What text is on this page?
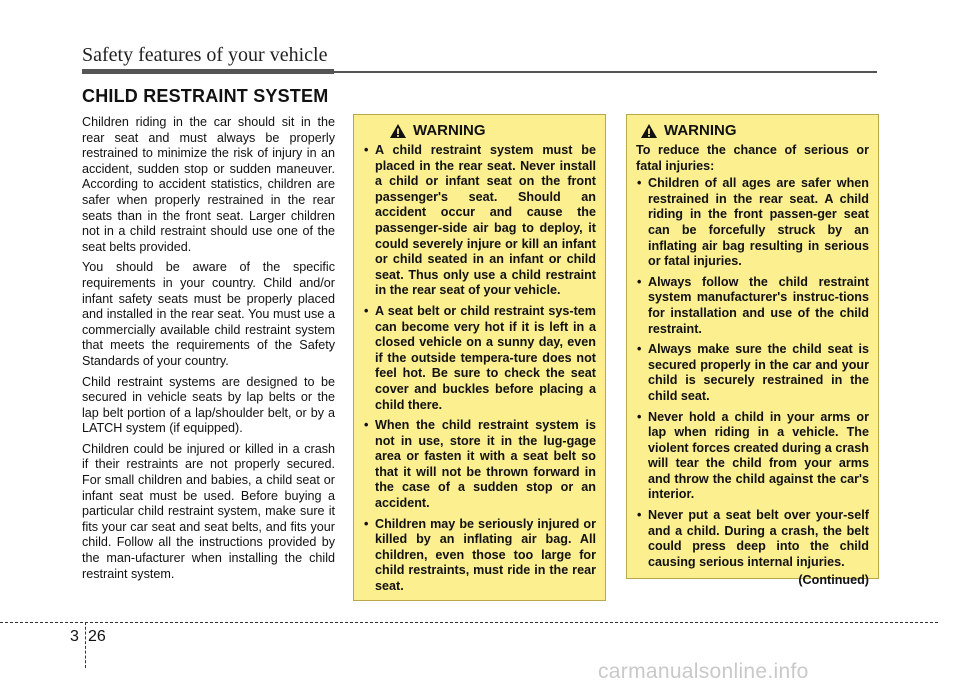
Safety features of your vehicle
CHILD RESTRAINT SYSTEM

Children riding in the car should sit in the rear seat and must always be properly restrained to minimize the risk of injury in an accident, sudden stop or sudden maneuver. According to accident statistics, children are safer when properly restrained in the rear seats than in the front seat. Larger children not in a child restraint should use one of the seat belts provided.

You should be aware of the specific requirements in your country. Child and/or infant safety seats must be properly placed and installed in the rear seat. You must use a commercially available child restraint system that meets the requirements of the Safety Standards of your country.

Child restraint systems are designed to be secured in vehicle seats by lap belts or the lap belt portion of a lap/shoulder belt, or by a LATCH system (if equipped).

Children could be injured or killed in a crash if their restraints are not properly secured. For small children and babies, a child seat or infant seat must be used. Before buying a particular child restraint system, make sure it fits your car seat and seat belts, and fits your child. Follow all the instructions provided by the man-ufacturer when installing the child restraint system.

WARNING
• A child restraint system must be placed in the rear seat. Never install a child or infant seat on the front passenger's seat. Should an accident occur and cause the passenger-side air bag to deploy, it could severely injure or kill an infant or child seated in an infant or child seat. Thus only use a child restraint in the rear seat of your vehicle.
• A seat belt or child restraint sys-tem can become very hot if it is left in a closed vehicle on a sunny day, even if the outside tempera-ture does not feel hot. Be sure to check the seat cover and buckles before placing a child there.
• When the child restraint system is not in use, store it in the lug-gage area or fasten it with a seat belt so that it will not be thrown forward in the case of a sudden stop or an accident.
• Children may be seriously injured or killed by an inflating air bag. All children, even those too large for child restraints, must ride in the rear seat.
WARNING

To reduce the chance of serious or fatal injuries:

• Children of all ages are safer when restrained in the rear seat. A child riding in the front passen-ger seat can be forcefully struck by an inflating air bag resulting in serious or fatal injuries.
• Always follow the child restraint system manufacturer's instruc-tions for installation and use of the child restraint.
• Always make sure the child seat is secured properly in the car and your child is securely restrained in the child seat.
• Never hold a child in your arms or lap when riding in a vehicle. The violent forces created during a crash will tear the child from your arms and throw the child against the car's interior.
• Never put a seat belt over your-self and a child. During a crash, the belt could press deep into the child causing serious internal injuries.
(Continued)
3 26
carmanualsonline.info
